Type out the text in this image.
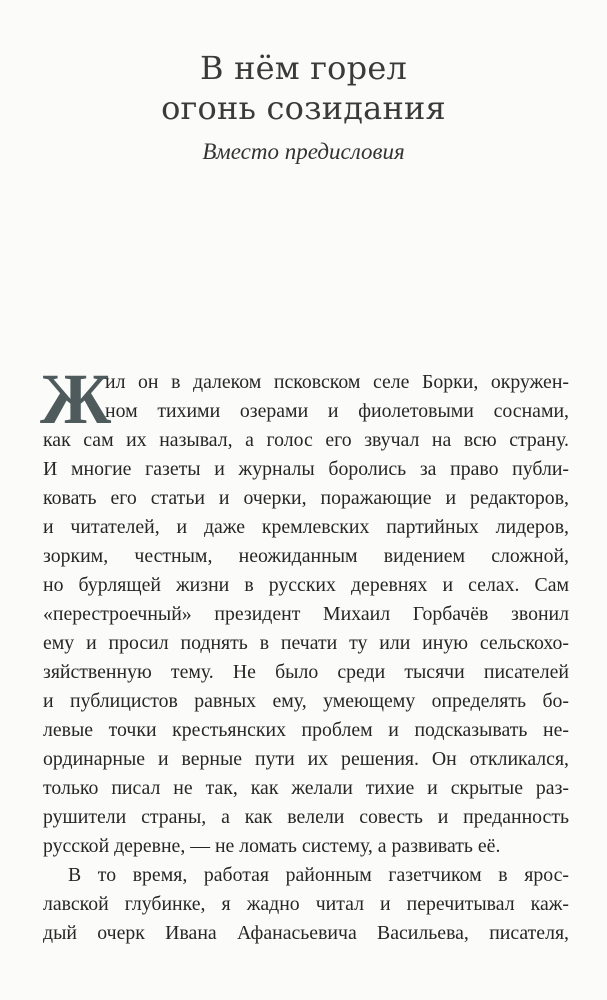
В нём горел
огонь созидания
Вместо предисловия
Ж
ил он в далеком псковском селе Борки, окружен-
ном тихими озерами и фиолетовыми соснами,
как сам их называл, а голос его звучал на всю страну.
И многие газеты и журналы боролись за право публи-
ковать его статьи и очерки, поражающие и редакторов,
и читателей, и даже кремлевских партийных лидеров,
зорким, честным, неожиданным видением сложной,
но бурлящей жизни в русских деревнях и селах. Сам
«перестроечный» президент Михаил Горбачёв звонил
ему и просил поднять в печати ту или иную сельскохо-
зяйственную тему. Не было среди тысячи писателей
и публицистов равных ему, умеющему определять бо-
левые точки крестьянских проблем и подсказывать не-
ординарные и верные пути их решения. Он откликался,
только писал не так, как желали тихие и скрытые раз-
рушители страны, а как велели совесть и преданность
русской деревне, — не ломать систему, а развивать её.
В то время, работая районным газетчиком в ярос-
лавской глубинке, я жадно читал и перечитывал каж-
дый очерк Ивана Афанасьевича Васильева, писателя,
